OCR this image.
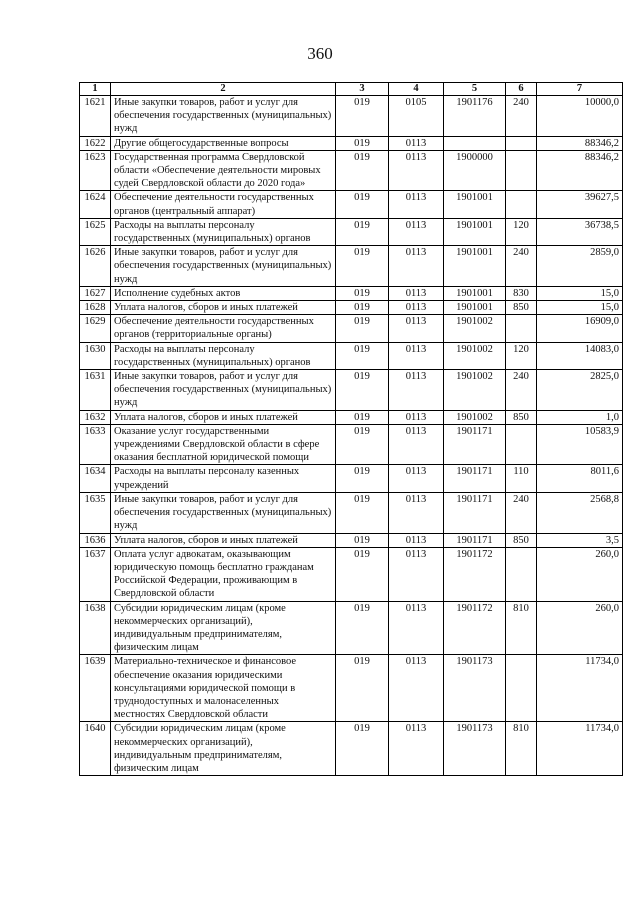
360
1	2	3	4	5	6	7
1621	Иные закупки товаров, работ и услуг для обеспечения государственных (муниципальных) нужд	019	0105	1901176	240	10000,0
1622	Другие общегосударственные вопросы	019	0113			88346,2
1623	Государственная программа Свердловской области «Обеспечение деятельности мировых судей Свердловской области до 2020 года»	019	0113	1900000		88346,2
1624	Обеспечение деятельности государственных органов (центральный аппарат)	019	0113	1901001		39627,5
1625	Расходы на выплаты персоналу государственных (муниципальных) органов	019	0113	1901001	120	36738,5
1626	Иные закупки товаров, работ и услуг для обеспечения государственных (муниципальных) нужд	019	0113	1901001	240	2859,0
1627	Исполнение судебных актов	019	0113	1901001	830	15,0
1628	Уплата налогов, сборов и иных платежей	019	0113	1901001	850	15,0
1629	Обеспечение деятельности государственных органов (территориальные органы)	019	0113	1901002		16909,0
1630	Расходы на выплаты персоналу государственных (муниципальных) органов	019	0113	1901002	120	14083,0
1631	Иные закупки товаров, работ и услуг для обеспечения государственных (муниципальных) нужд	019	0113	1901002	240	2825,0
1632	Уплата налогов, сборов и иных платежей	019	0113	1901002	850	1,0
1633	Оказание услуг государственными учреждениями Свердловской области в сфере оказания бесплатной юридической помощи	019	0113	1901171		10583,9
1634	Расходы на выплаты персоналу казенных учреждений	019	0113	1901171	110	8011,6
1635	Иные закупки товаров, работ и услуг для обеспечения государственных (муниципальных) нужд	019	0113	1901171	240	2568,8
1636	Уплата налогов, сборов и иных платежей	019	0113	1901171	850	3,5
1637	Оплата услуг адвокатам, оказывающим юридическую помощь бесплатно гражданам Российской Федерации, проживающим в Свердловской области	019	0113	1901172		260,0
1638	Субсидии юридическим лицам (кроме некоммерческих организаций), индивидуальным предпринимателям, физическим лицам	019	0113	1901172	810	260,0
1639	Материально-техническое и финансовое обеспечение оказания юридическими консультациями юридической помощи в труднодоступных и малонаселенных местностях Свердловской области	019	0113	1901173		11734,0
1640	Субсидии юридическим лицам (кроме некоммерческих организаций), индивидуальным предпринимателям, физическим лицам	019	0113	1901173	810	11734,0
